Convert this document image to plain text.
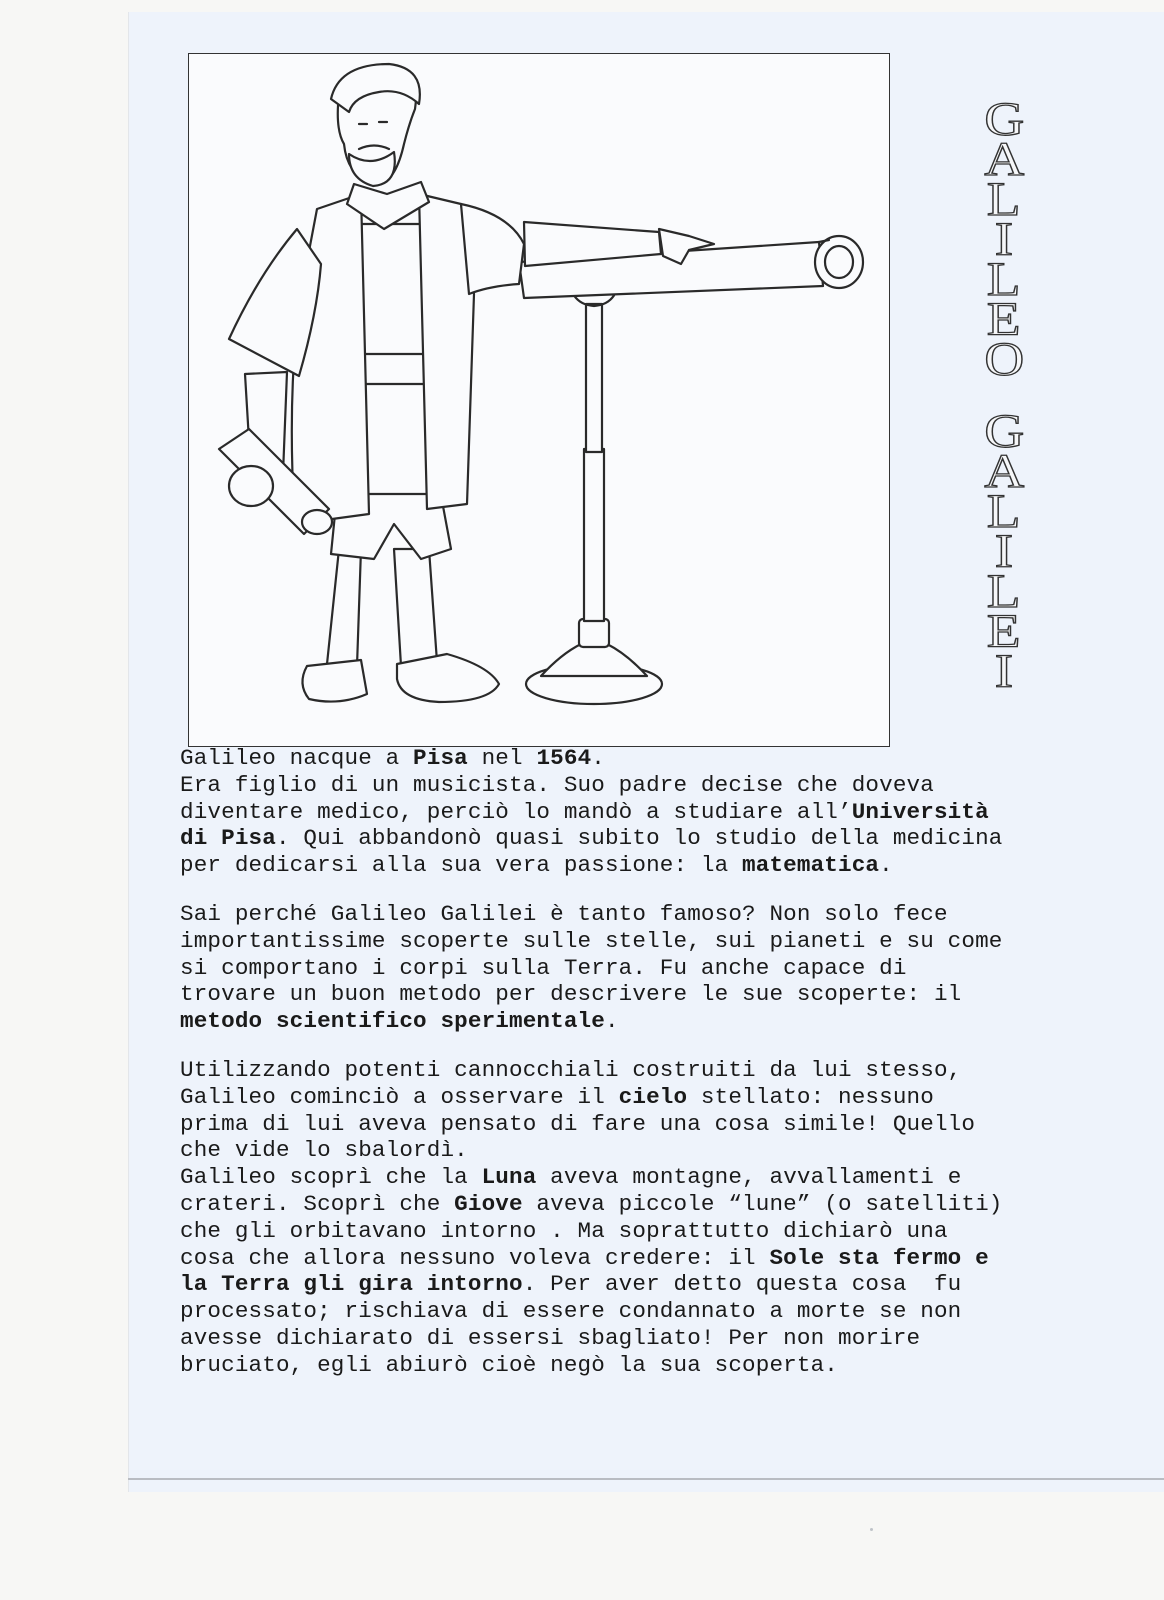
G
A
L
I
L
E
O
G
A
L
I
L
E
I
Galileo nacque a Pisa nel 1564.
Era figlio di un musicista. Suo padre decise che doveva
diventare medico, perciò lo mandò a studiare all’Università
di Pisa. Qui abbandonò quasi subito lo studio della medicina
per dedicarsi alla sua vera passione: la matematica.
Sai perché Galileo Galilei è tanto famoso? Non solo fece
importantissime scoperte sulle stelle, sui pianeti e su come
si comportano i corpi sulla Terra. Fu anche capace di
trovare un buon metodo per descrivere le sue scoperte: il
metodo scientifico sperimentale.
Utilizzando potenti cannocchiali costruiti da lui stesso,
Galileo cominciò a osservare il cielo stellato: nessuno
prima di lui aveva pensato di fare una cosa simile! Quello
che vide lo sbalordì.
Galileo scoprì che la Luna aveva montagne, avvallamenti e
crateri. Scoprì che Giove aveva piccole “lune” (o satelliti)
che gli orbitavano intorno . Ma soprattutto dichiarò una
cosa che allora nessuno voleva credere: il Sole sta fermo e
la Terra gli gira intorno. Per aver detto questa cosa  fu
processato; rischiava di essere condannato a morte se non
avesse dichiarato di essersi sbagliato! Per non morire
bruciato, egli abiurò cioè negò la sua scoperta.
